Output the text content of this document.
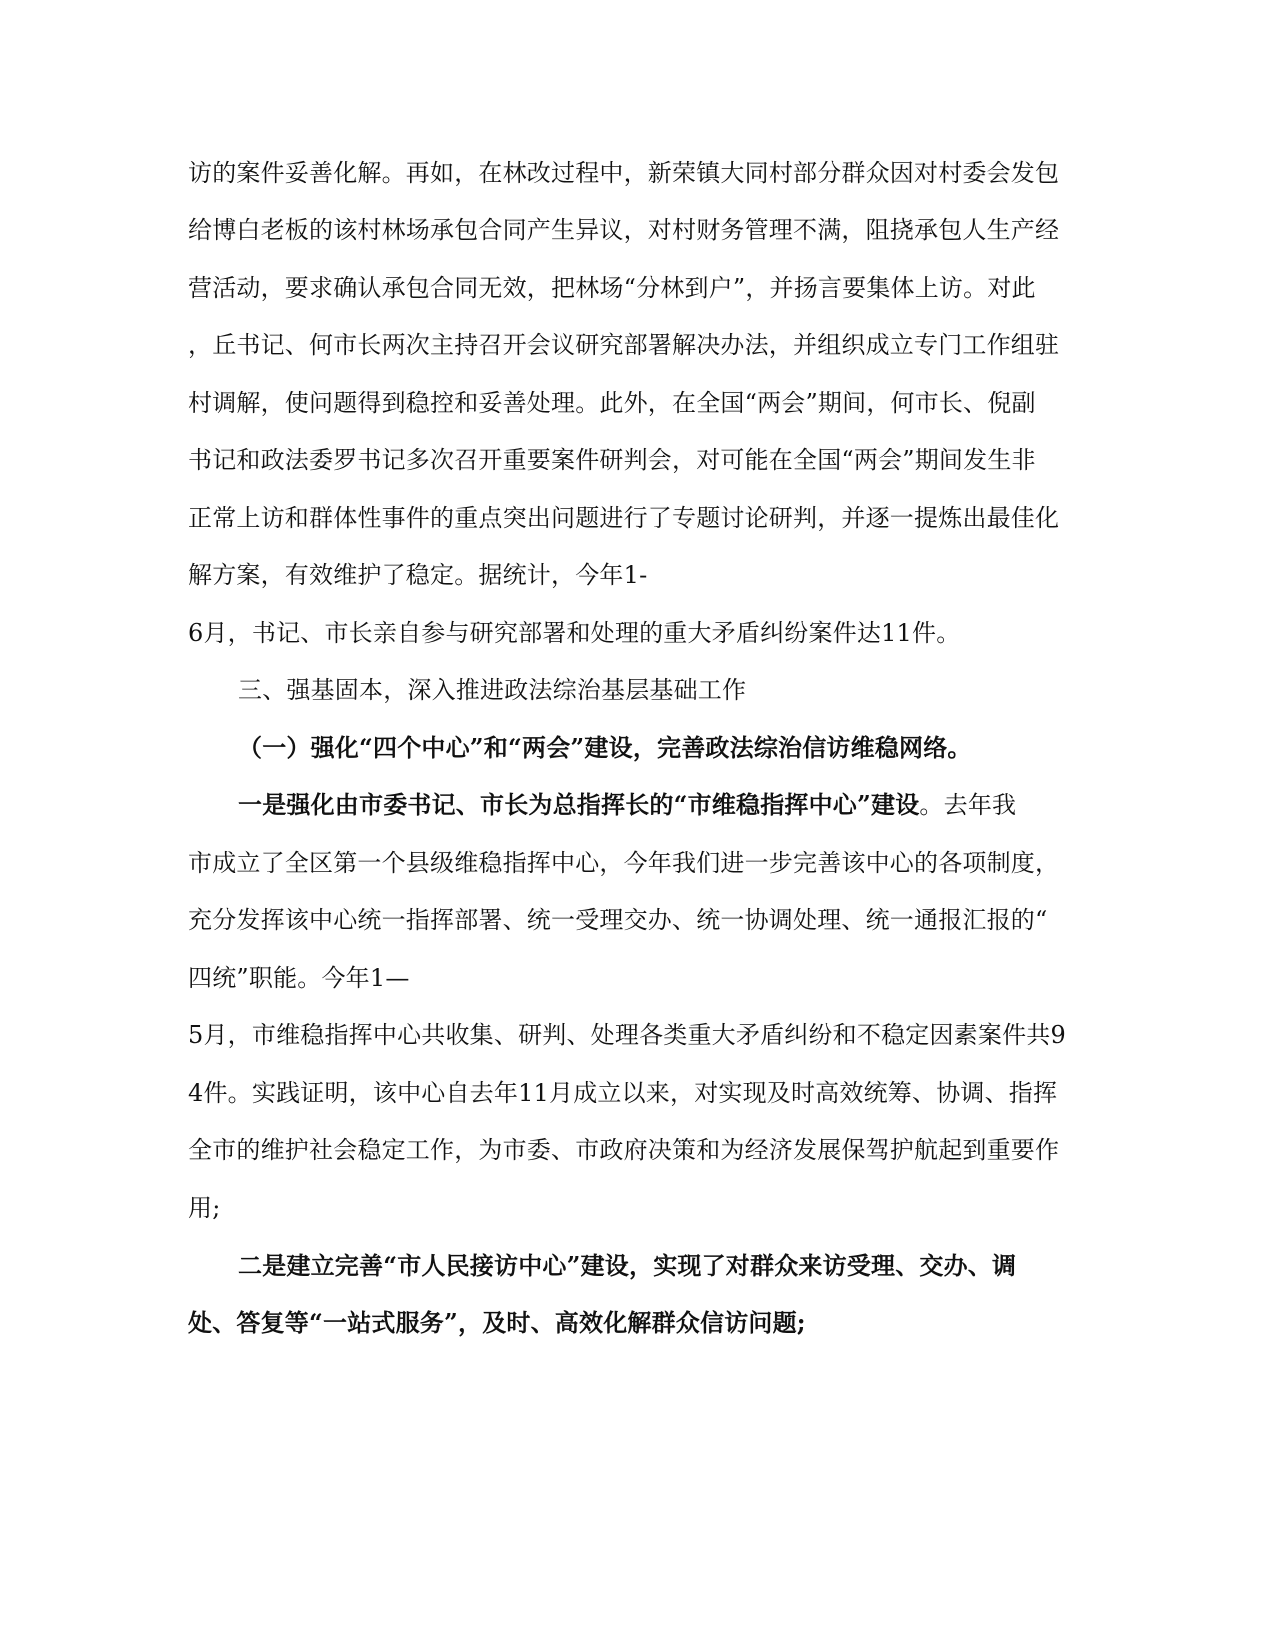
访的案件妥善化解。再如，在林改过程中，新荣镇大同村部分群众因对村委会发包
给博白老板的该村林场承包合同产生异议，对村财务管理不满，阻挠承包人生产经
营活动，要求确认承包合同无效，把林场“分林到户”，并扬言要集体上访。对此
，丘书记、何市长两次主持召开会议研究部署解决办法，并组织成立专门工作组驻
村调解，使问题得到稳控和妥善处理。此外，在全国“两会”期间，何市长、倪副
书记和政法委罗书记多次召开重要案件研判会，对可能在全国“两会”期间发生非
正常上访和群体性事件的重点突出问题进行了专题讨论研判，并逐一提炼出最佳化
解方案，有效维护了稳定。据统计，今年1-
6月，书记、市长亲自参与研究部署和处理的重大矛盾纠纷案件达11件。
三、强基固本，深入推进政法综治基层基础工作
（一）强化“四个中心”和“两会”建设，完善政法综治信访维稳网络。
一是强化由市委书记、市长为总指挥长的“市维稳指挥中心”建设。去年我
市成立了全区第一个县级维稳指挥中心，今年我们进一步完善该中心的各项制度，
充分发挥该中心统一指挥部署、统一受理交办、统一协调处理、统一通报汇报的“
四统”职能。今年1—
5月，市维稳指挥中心共收集、研判、处理各类重大矛盾纠纷和不稳定因素案件共9
4件。实践证明，该中心自去年11月成立以来，对实现及时高效统筹、协调、指挥
全市的维护社会稳定工作，为市委、市政府决策和为经济发展保驾护航起到重要作
用;
二是建立完善“市人民接访中心”建设，实现了对群众来访受理、交办、调
处、答复等“一站式服务”，及时、高效化解群众信访问题;
